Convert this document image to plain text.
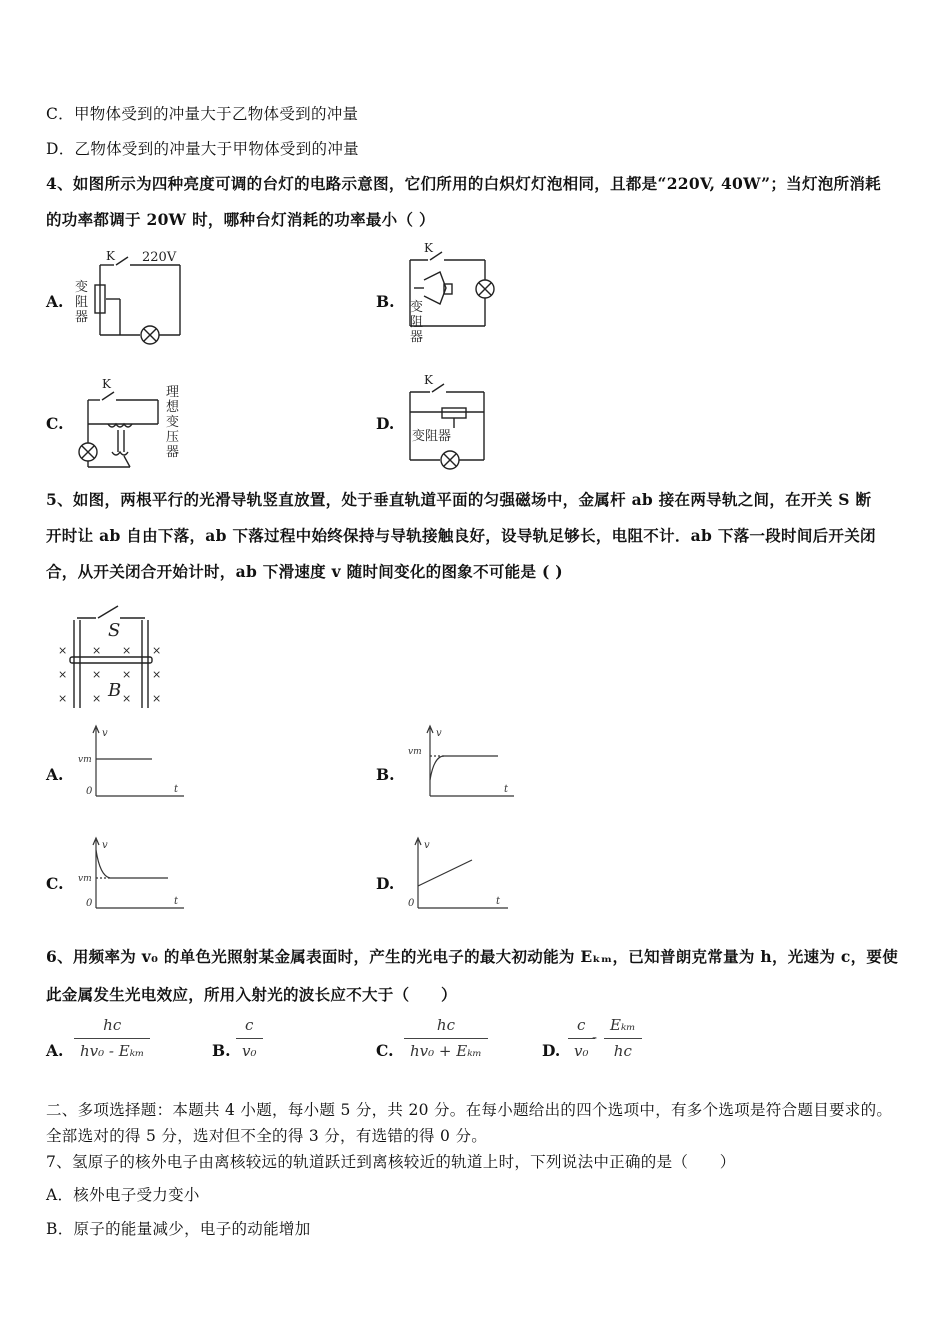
C．甲物体受到的冲量大于乙物体受到的冲量
D．乙物体受到的冲量大于甲物体受到的冲量
4、如图所示为四种亮度可调的台灯的电路示意图，它们所用的白炽灯灯泡相同，且都是“220V, 40W”；当灯泡所消耗
的功率都调于 20W 时，哪种台灯消耗的功率最小（ ）
A.
K 220V
变
阻
器
B.
K
变
阻
器
C.
K
理
想
变
压
器
D.
K
变阻器
5、如图，两根平行的光滑导轨竖直放置，处于垂直轨道平面的匀强磁场中，金属杆 ab 接在两导轨之间，在开关 S 断
开时让 ab 自由下落，ab 下落过程中始终保持与导轨接触良好，设导轨足够长，电阻不计．ab 下落一段时间后开关闭
合，从开关闭合开始计时，ab 下滑速度 v 随时间变化的图象不可能是 ( )
× × × ×
× × × ×
× × × ×
S
B
A.
v
vm
0	t
B.
v
vm
t
C.
v
vm
0	t
D.
v
0	t
6、用频率为 v₀ 的单色光照射某金属表面时，产生的光电子的最大初动能为 Eₖₘ，已知普朗克常量为 h，光速为 c，要使
此金属发生光电效应，所用入射光的波长应不大于（　　）
A.
hc
hv₀ - Eₖₘ	B. $\frac{c}{\text{v₀}}$	C.
hc
hv₀ + Eₖₘ	D. $\frac{c}{\text{v₀}}$
-
Eₖₘ
hc
二、多项选择题：本题共 4 小题，每小题 5 分，共 20 分。在每小题给出的四个选项中，有多个选项是符合题目要求的。
全部选对的得 5 分，选对但不全的得 3 分，有选错的得 0 分。
7、氢原子的核外电子由离核较远的轨道跃迁到离核较近的轨道上时，下列说法中正确的是（　　）
A．核外电子受力变小
B．原子的能量减少，电子的动能增加
